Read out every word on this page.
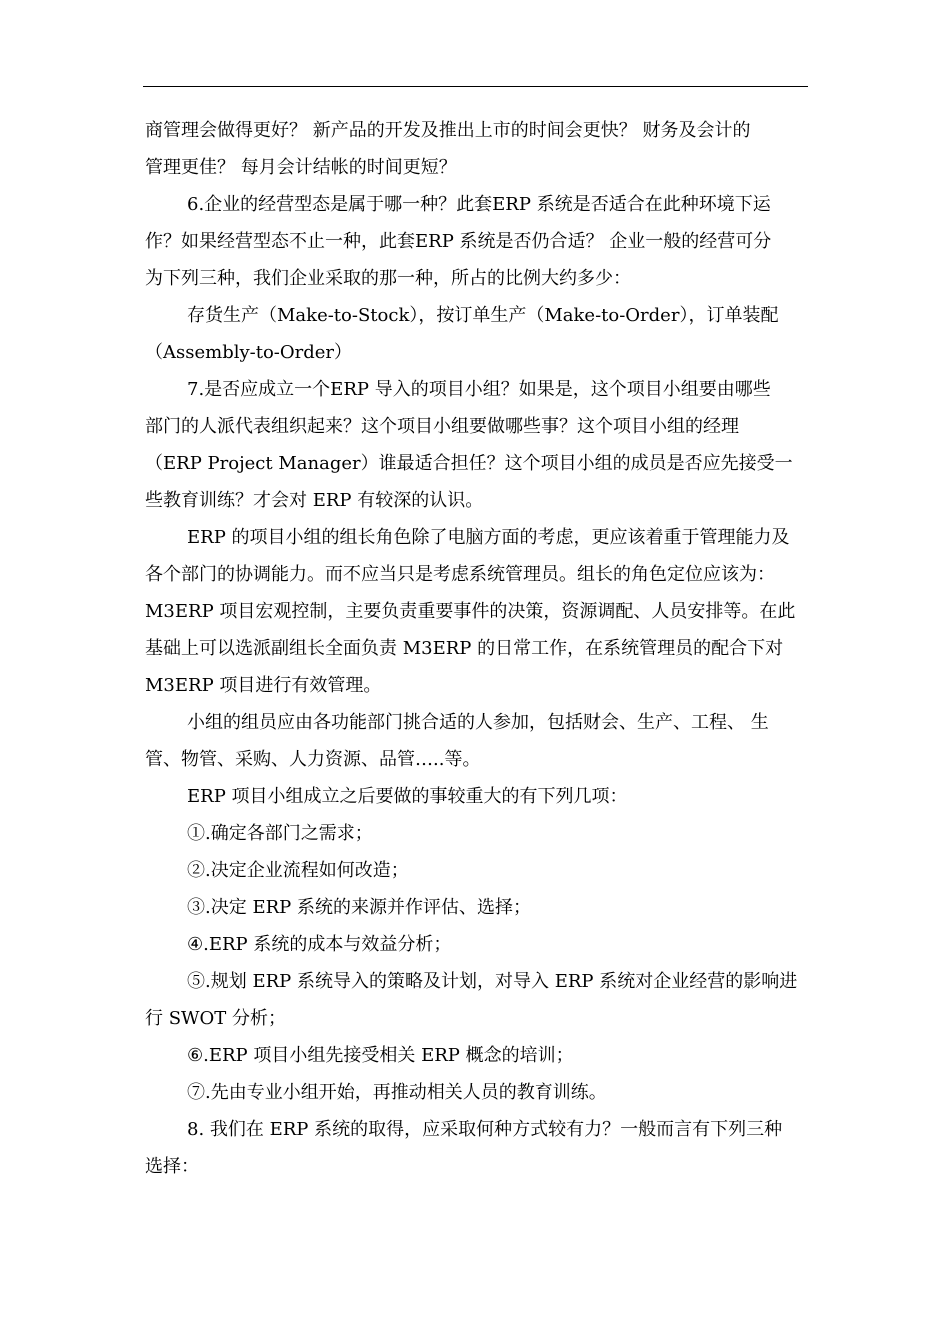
商管理会做得更好？ 新产品的开发及推出上市的时间会更快？ 财务及会计的
管理更佳？ 每月会计结帐的时间更短？
6.企业的经营型态是属于哪一种？此套ERP 系统是否适合在此种环境下运
作？如果经营型态不止一种，此套ERP 系统是否仍合适？ 企业一般的经营可分
为下列三种，我们企业采取的那一种，所占的比例大约多少：
存货生产（Make-to-Stock），按订单生产（Make-to-Order），订单装配
（Assembly-to-Order）
7.是否应成立一个ERP 导入的项目小组？如果是，这个项目小组要由哪些
部门的人派代表组织起来？这个项目小组要做哪些事？这个项目小组的经理
（ERP Project Manager）谁最适合担任？这个项目小组的成员是否应先接受一
些教育训练？才会对 ERP 有较深的认识。
ERP 的项目小组的组长角色除了电脑方面的考虑，更应该着重于管理能力及
各个部门的协调能力。而不应当只是考虑系统管理员。组长的角色定位应该为：
M3ERP 项目宏观控制，主要负责重要事件的决策，资源调配、人员安排等。在此
基础上可以选派副组长全面负责 M3ERP 的日常工作，在系统管理员的配合下对
M3ERP 项目进行有效管理。
小组的组员应由各功能部门挑合适的人参加，包括财会、生产、工程、 生
管、物管、采购、人力资源、品管…..等。
ERP 项目小组成立之后要做的事较重大的有下列几项：
①.确定各部门之需求；
②.决定企业流程如何改造；
③.决定 ERP 系统的来源并作评估、选择；
④.ERP 系统的成本与效益分析；
⑤.规划 ERP 系统导入的策略及计划，对导入 ERP 系统对企业经营的影响进
行 SWOT 分析；
⑥.ERP 项目小组先接受相关 ERP 概念的培训；
⑦.先由专业小组开始，再推动相关人员的教育训练。
8. 我们在 ERP 系统的取得，应采取何种方式较有力？一般而言有下列三种
选择：
